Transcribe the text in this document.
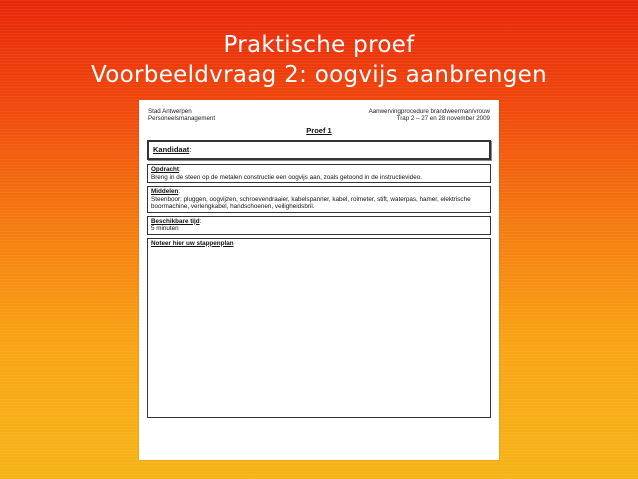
Praktische proef
Voorbeeldvraag 2: oogvijs aanbrengen
Stad Antwerpen
Personeelsmanagement
Aanwervingprocedure brandweerman/vrouw
Trap 2 – 27 en 28 november 2009
Proef 1
Kandidaat :
Opdracht:
Breng in de steen op de metalen constructie een oogvijs aan, zoals getoond in de instructievideo.
Middelen:
Steenboor; pluggen, oogvijzen, schroevendraaier, kabelspanner, kabel, rolmeter, stift, waterpas, hamer, elektrische boormachine, verlengkabel, handschoenen, veiligheidsbril.
Beschikbare tijd:
5 minuten
Noteer hier uw stappenplan
